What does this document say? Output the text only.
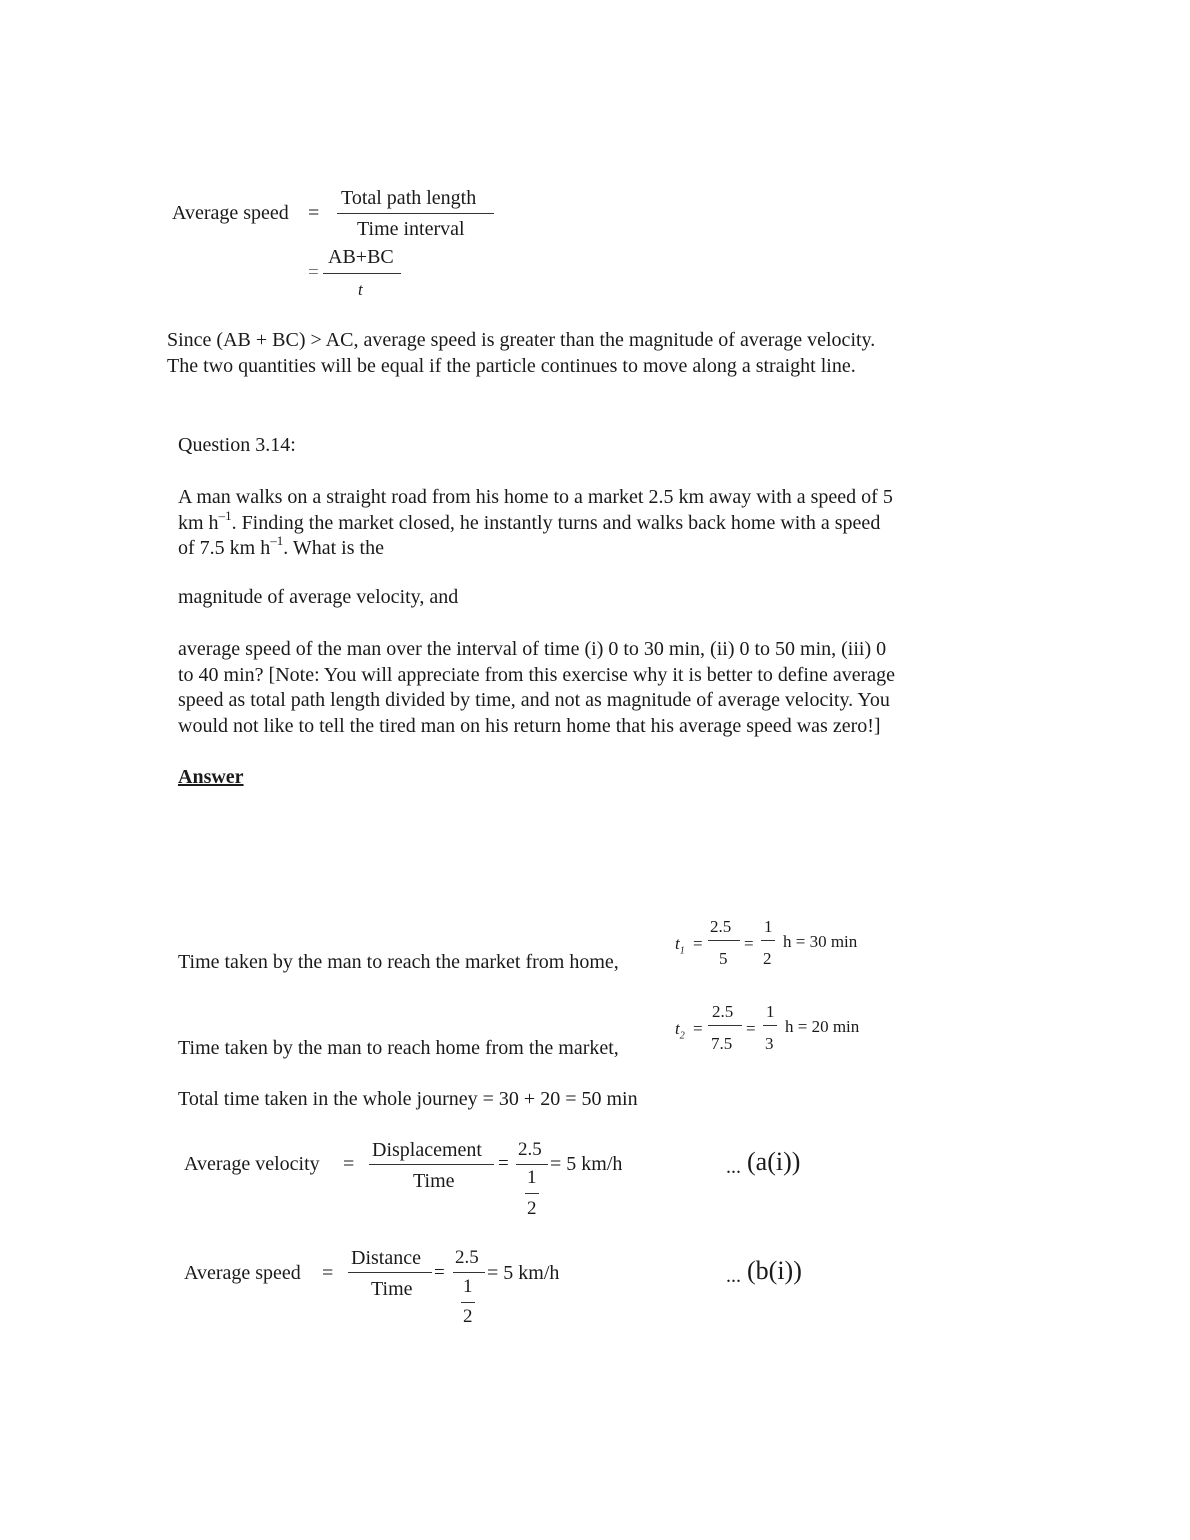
Average speed =
Total path length
Time interval
AB+BC
=
t

Since (AB + BC) > AC, average speed is greater than the magnitude of average velocity.

The two quantities will be equal if the particle continues to move along a straight line.

Question 3.14:

A man walks on a straight road from his home to a market 2.5 km away with a speed of 5

km $h^{-1}$. Finding the market closed, he instantly turns and walks back home with a speed

of 7.5 km $h^{-1}$. What is the

magnitude of average velocity, and

average speed of the man over the interval of time (i) 0 to 30 min, (ii) 0 to 50 min, (iii) 0

to 40 min? [Note: You will appreciate from this exercise why it is better to define average

speed as total path length divided by time, and not as magnitude of average velocity. You

would not like to tell the tired man on his return home that his average speed was zero!]

Answer
Time taken by the man to reach the market from home,
$t_1$ =
2.5
5
=
1
2
h = 30 min
Time taken by the man to reach home from the market,
$t_2$ =
2.5
7.5
=
1
3
h = 20 min
Total time taken in the whole journey = 30 + 20 = 50 min
Average velocity =
Displacement
Time
=
2.5
1
2
= 5 km/h	... (a(i))
Average speed =
Distance
Time
=
2.5
1
2
= 5 km/h	... (b(i))
